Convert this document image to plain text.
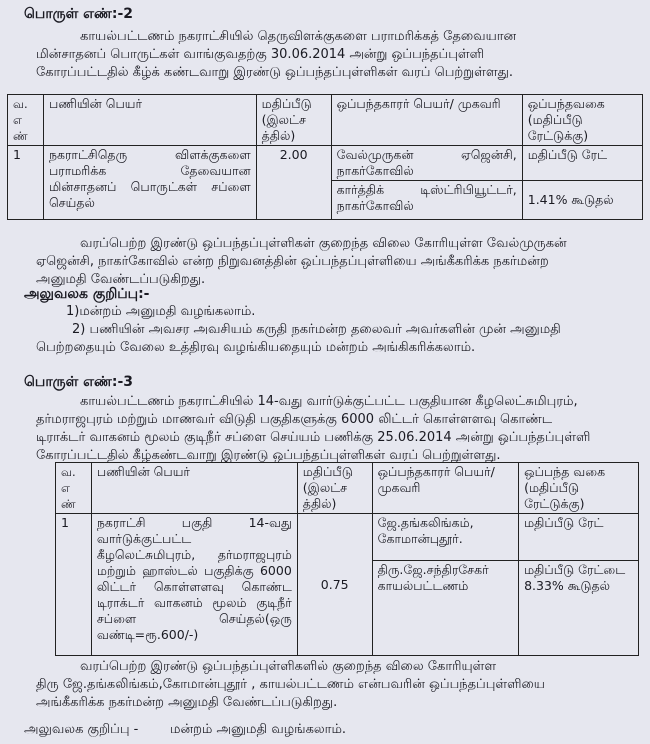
பொருள் எண்:-2
காயல்பட்டணம் நகராட்சியில் தெருவிளக்குகளை பராமரிக்கத் தேவையான
மின்சாதனப் பொருட்கள் வாங்குவதற்கு 30.06.2014 அன்று ஒப்பந்தப்புள்ளி
கோரப்பட்டதில் கீழ்க் கண்டவாறு இரண்டு ஒப்பந்தப்புள்ளிகள் வரப் பெற்றுள்ளது.
வ. எ ண்	பணியின் பெயர்	மதிப்பீடு (இலட்ச த்தில்)	ஒப்பந்தகாரர் பெயர்/ முகவரி	ஒப்பந்தவகை (மதிப்பீடு ரேட்டுக்கு)
1	நகராட்சிதெரு விளக்குகளை பராமரிக்க தேவையான மின்சாதனப் பொருட்கள் சப்ளை செய்தல்	2.00	வேல்முருகன் ஏஜென்சி, நாகர்கோவில்	மதிப்பீடு ரேட்
			கார்த்திக் டிஸ்ட்ரிபியூட்டர், நாகர்கோவில்	1.41% கூடுதல்
வரப்பெற்ற இரண்டு ஒப்பந்தப்புள்ளிகள் குறைந்த விலை கோரியுள்ள வேல்முருகன்
ஏஜென்சி, நாகர்கோவில் என்ற நிறுவனத்தின் ஒப்பந்தப்புள்ளியை அங்கீகரிக்க நகர்மன்ற
அனுமதி வேண்டப்படுகிறது.
அலுவலக குறிப்பு:-
1)மன்றம் அனுமதி வழங்கலாம்.
2) பணியின் அவசர அவசியம் கருதி நகர்மன்ற தலைவர் அவர்களின் முன் அனுமதி
பெற்றதையும் வேலை உத்திரவு வழங்கியதையும் மன்றம் அங்கிகரிக்கலாம்.
பொருள் எண்:-3
காயல்பட்டணம் நகராட்சியில் 14-வது வார்டுக்குட்பட்ட பகுதியான கீழலெட்சுமிபுரம்,
தர்மராஜபுரம் மற்றும் மாணவர் விடுதி பகுதிகளுக்கு 6000 லிட்டர் கொள்ளளவு கொண்ட
டிராக்டர் வாகனம் மூலம் குடிநீர் சப்ளை செய்யம் பணிக்கு 25.06.2014 அன்று ஒப்பந்தப்புள்ளி
கோரப்பட்டதில் கீழ்கண்டவாறு இரண்டு ஒப்பந்தப்புள்ளிகள் வரப் பெற்றுள்ளது.
வ. எ ண்	பணியின் பெயர்	மதிப்பீடு (இலட்ச த்தில்)	ஒப்பந்தகாரர் பெயர்/முகவரி	ஒப்பந்த வகை (மதிப்பீடு ரேட்டுக்கு)
1	நகராட்சி பகுதி 14-வது வார்டுக்குட்பட்ட கீழலெட்சுமிபுரம், தர்மராஜபுரம் மற்றும் ஹாஸ்டல் பகுதிக்கு 6000 லிட்டர் கொள்ளளவு கொண்ட டிராக்டர் வாகனம் மூலம் குடிநீர் சப்ளை செய்தல்(ஒரு வண்டி=ரூ.600/-)	0.75	ஜே.தங்கலிங்கம், கோமான்புதூர்.	மதிப்பீடு ரேட்
			திரு.ஜே.சந்திரசேகர் காயல்பட்டணம்	மதிப்பீடு ரேட்டை 8.33% கூடுதல்
வரப்பெற்ற இரண்டு ஒப்பந்தப்புள்ளிகளில் குறைந்த விலை கோரியுள்ள
திரு ஜே.தங்கலிங்கம்,கோமான்புதூர் , காயல்பட்டணம் என்பவரின் ஒப்பந்தப்புள்ளியை
அங்கீகரிக்க நகர்மன்ற அனுமதி வேண்டப்படுகிறது.
அலுவலக குறிப்பு - மன்றம் அனுமதி வழங்கலாம்.
